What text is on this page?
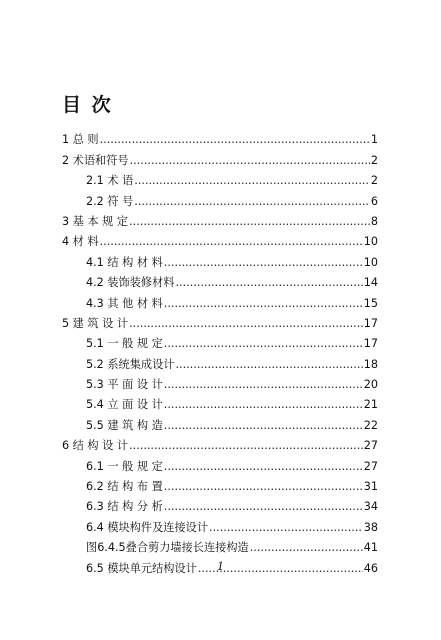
目 次
1 总 则 .....	1
2 术语和符号 .....	2
2.1 术 语 .....	2
2.2 符 号 .....	6
3 基 本 规 定 .....	8
4 材 料 .....	10
4.1 结 构 材 料 .....	10
4.2 装饰装修材料 .....	14
4.3 其 他 材 料 .....	15
5 建 筑 设 计 .....	17
5.1 一 般 规 定 .....	17
5.2 系统集成设计 .....	18
5.3 平 面 设 计 .....	20
5.4 立 面 设 计 .....	21
5.5 建 筑 构 造 .....	22
6 结 构 设 计 .....	27
6.1 一 般 规 定 .....	27
6.2 结 构 布 置 .....	31
6.3 结 构 分 析 .....	34
6.4 模块构件及连接设计 .....	38
图6.4.5叠合剪力墙接长连接构造 .....	41
6.5 模块单元结构设计 .....	46
1
